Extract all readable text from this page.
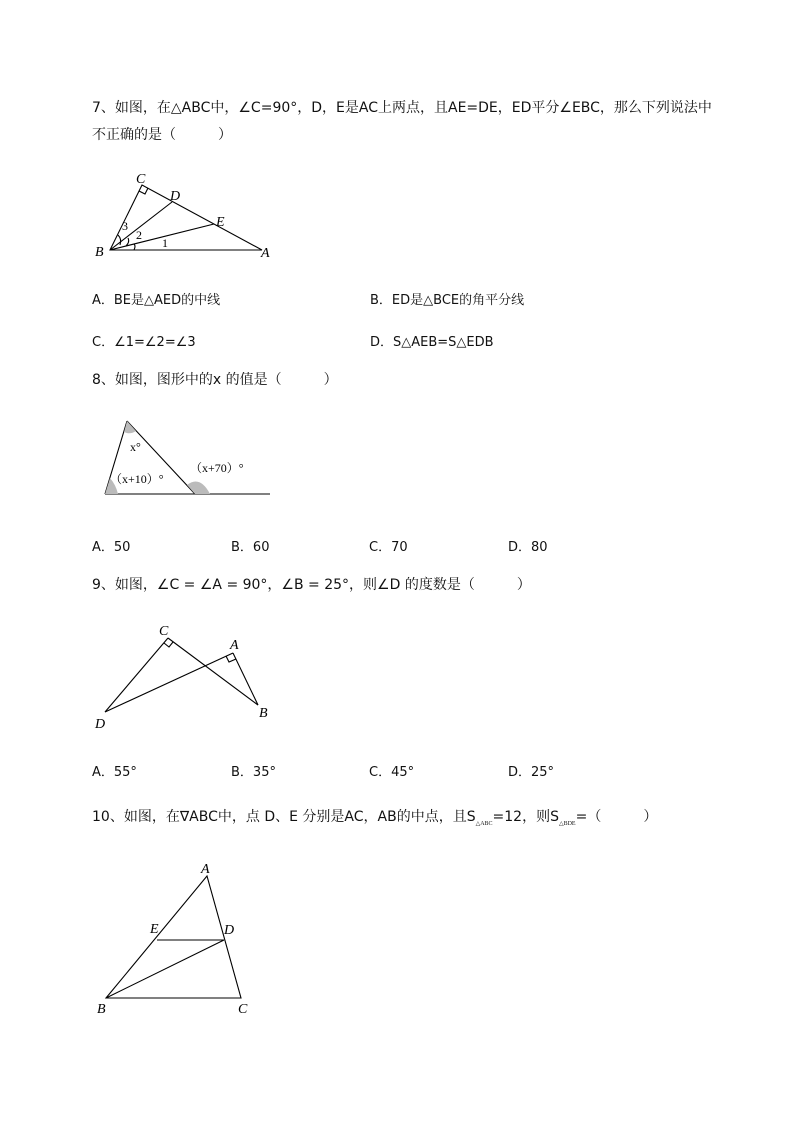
7、如图，在△ABC中，∠C=90°，D，E是AC上两点，且AE=DE，ED平分∠EBC，那么下列说法中
不正确的是（　　　）
C
D
E
B	A
3
2
1
A．BE是△AED的中线	B．ED是△BCE的角平分线
C．∠1=∠2=∠3	D．S△AEB=S△EDB
8、如图，图形中的x 的值是（　　　）
x°
（x+10）°
（x+70）°
A．50	B．60	C．70	D．80
9、如图，∠C = ∠A = 90°，∠B = 25°，则∠D 的度数是（　　　）
C
A
D
B
A．55°	B．35°	C．45°	D．25°
10、如图，在∇ABC中，点 D、E 分别是AC，AB的中点，且$S_{\triangle ABC}=12$，则$S_{\triangle BDE}=$（　　　）
A
E	D
B	C
